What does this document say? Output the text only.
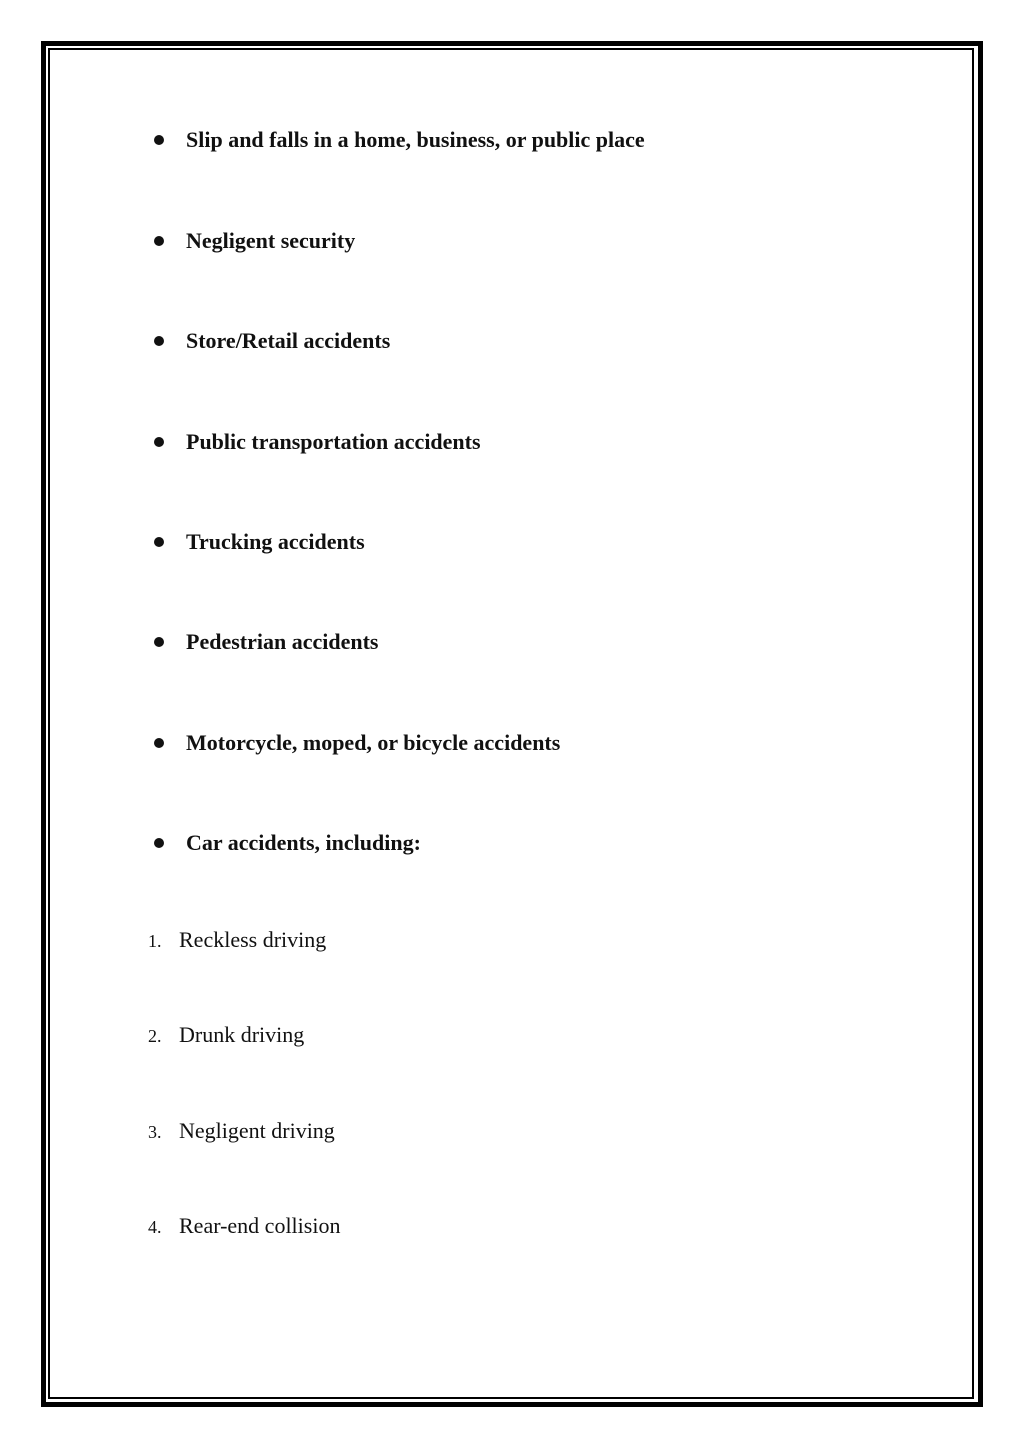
Slip and falls in a home, business, or public place
Negligent security
Store/Retail accidents
Public transportation accidents
Trucking accidents
Pedestrian accidents
Motorcycle, moped, or bicycle accidents
Car accidents, including:
1. Reckless driving
2. Drunk driving
3. Negligent driving
4. Rear-end collision
